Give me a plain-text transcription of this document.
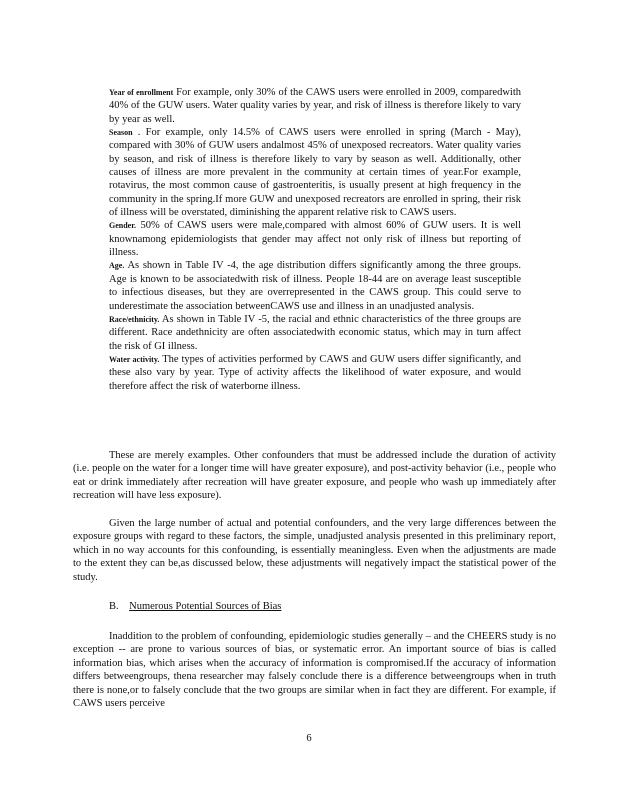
Year of enrollment For example, only 30% of the CAWS users were enrolled in 2009, comparedwith 40% of the GUW users. Water quality varies by year, and risk of illness is therefore likely to vary by year as well.

Season . For example, only 14.5% of CAWS users were enrolled in spring (March - May), compared with 30% of GUW users andalmost 45% of unexposed recreators. Water quality varies by season, and risk of illness is therefore likely to vary by season as well. Additionally, other causes of illness are more prevalent in the community at certain times of year.For example, rotavirus, the most common cause of gastroenteritis, is usually present at high frequency in the community in the spring.If more GUW and unexposed recreators are enrolled in spring, their risk of illness will be overstated, diminishing the apparent relative risk to CAWS users.

Gender. 50% of CAWS users were male,compared with almost 60% of GUW users. It is well knownamong epidemiologists that gender may affect not only risk of illness but reporting of illness.

Age. As shown in Table IV -4, the age distribution differs significantly among the three groups. Age is known to be associatedwith risk of illness. People 18-44 are on average least susceptible to infectious diseases, but they are overrepresented in the CAWS group. This could serve to underestimate the association betweenCAWS use and illness in an unadjusted analysis.

Race/ethnicity. As shown in Table IV -5, the racial and ethnic characteristics of the three groups are different. Race andethnicity are often associatedwith economic status, which may in turn affect the risk of GI illness.

Water activity. The types of activities performed by CAWS and GUW users differ significantly, and these also vary by year. Type of activity affects the likelihood of water exposure, and would therefore affect the risk of waterborne illness.

These are merely examples. Other confounders that must be addressed include the duration of activity (i.e. people on the water for a longer time will have greater exposure), and post-activity behavior (i.e., people who eat or drink immediately after recreation will have greater exposure, and people who wash up immediately after recreation will have less exposure).

Given the large number of actual and potential confounders, and the very large differences between the exposure groups with regard to these factors, the simple, unadjusted analysis presented in this preliminary report, which in no way accounts for this confounding, is essentially meaningless. Even when the adjustments are made to the extent they can be,as discussed below, these adjustments will negatively impact the statistical power of the study.

B. Numerous Potential Sources of Bias

Inaddition to the problem of confounding, epidemiologic studies generally – and the CHEERS study is no exception -- are prone to various sources of bias, or systematic error. An important source of bias is called information bias, which arises when the accuracy of information is compromised.If the accuracy of information differs betweengroups, thena researcher may falsely conclude there is a difference betweengroups when in truth there is none,or to falsely conclude that the two groups are similar when in fact they are different. For example, if CAWS users perceive

6
